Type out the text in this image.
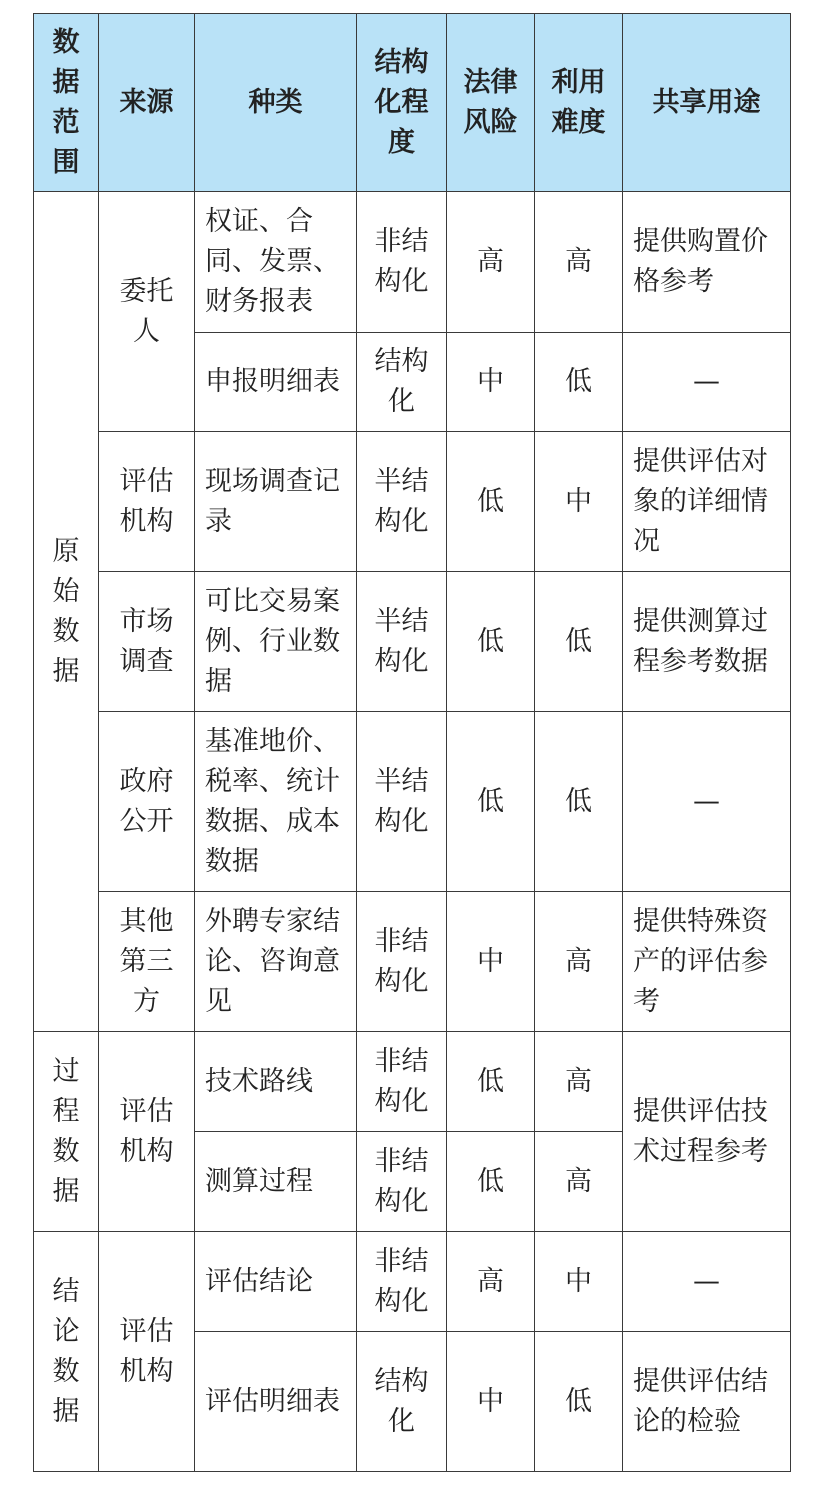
数据范围	来源	种类	结构化程度	法律风险	利用难度	共享用途
原始数据	委托人	权证、合同、发票、财务报表	非结构化	高	高	提供购置价格参考
		申报明细表	结构化	中	低	—
	评估机构	现场调查记录	半结构化	低	中	提供评估对象的详细情况
	市场调查	可比交易案例、行业数据	半结构化	低	低	提供测算过程参考数据
	政府公开	基准地价、税率、统计数据、成本数据	半结构化	低	低	—
	其他第三方	外聘专家结论、咨询意见	非结构化	中	高	提供特殊资产的评估参考
过程数据	评估机构	技术路线	非结构化	低	高	提供评估技术过程参考
		测算过程	非结构化	低	高	
结论数据	评估机构	评估结论	非结构化	高	中	—
		评估明细表	结构化	中	低	提供评估结论的检验
